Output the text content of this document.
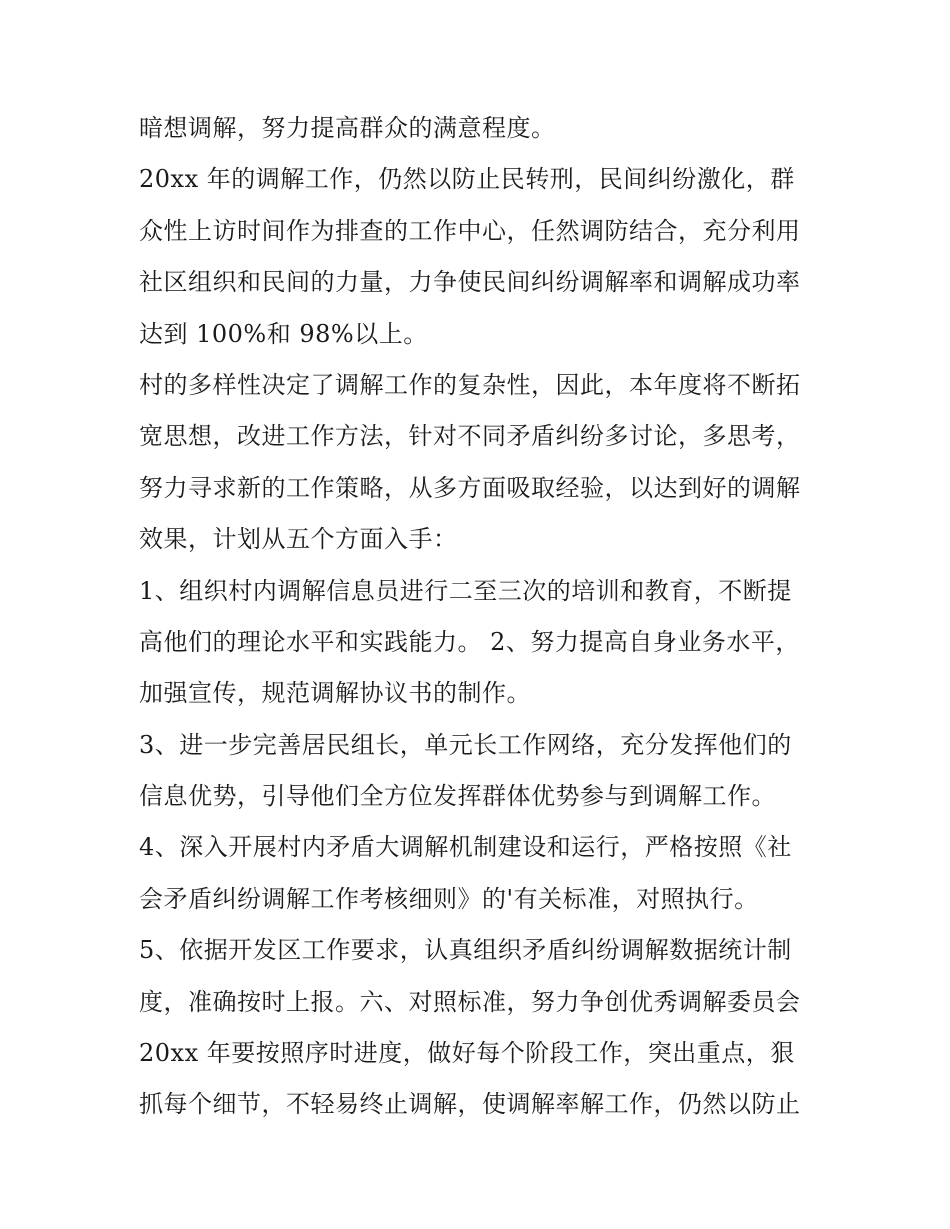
暗想调解，努力提高群众的满意程度。
20xx 年的调解工作，仍然以防止民转刑，民间纠纷激化，群
众性上访时间作为排查的工作中心，任然调防结合，充分利用
社区组织和民间的力量，力争使民间纠纷调解率和调解成功率
达到 100%和 98%以上。
村的多样性决定了调解工作的复杂性，因此，本年度将不断拓
宽思想，改进工作方法，针对不同矛盾纠纷多讨论，多思考，
努力寻求新的工作策略，从多方面吸取经验，以达到好的调解
效果，计划从五个方面入手：
1、组织村内调解信息员进行二至三次的培训和教育，不断提
高他们的理论水平和实践能力。 2、努力提高自身业务水平，
加强宣传，规范调解协议书的制作。
3、进一步完善居民组长，单元长工作网络，充分发挥他们的
信息优势，引导他们全方位发挥群体优势参与到调解工作。
4、深入开展村内矛盾大调解机制建设和运行，严格按照《社
会矛盾纠纷调解工作考核细则》的'有关标准，对照执行。
5、依据开发区工作要求，认真组织矛盾纠纷调解数据统计制
度，准确按时上报。六、对照标准，努力争创优秀调解委员会
20xx 年要按照序时进度，做好每个阶段工作，突出重点，狠
抓每个细节，不轻易终止调解，使调解率解工作，仍然以防止
